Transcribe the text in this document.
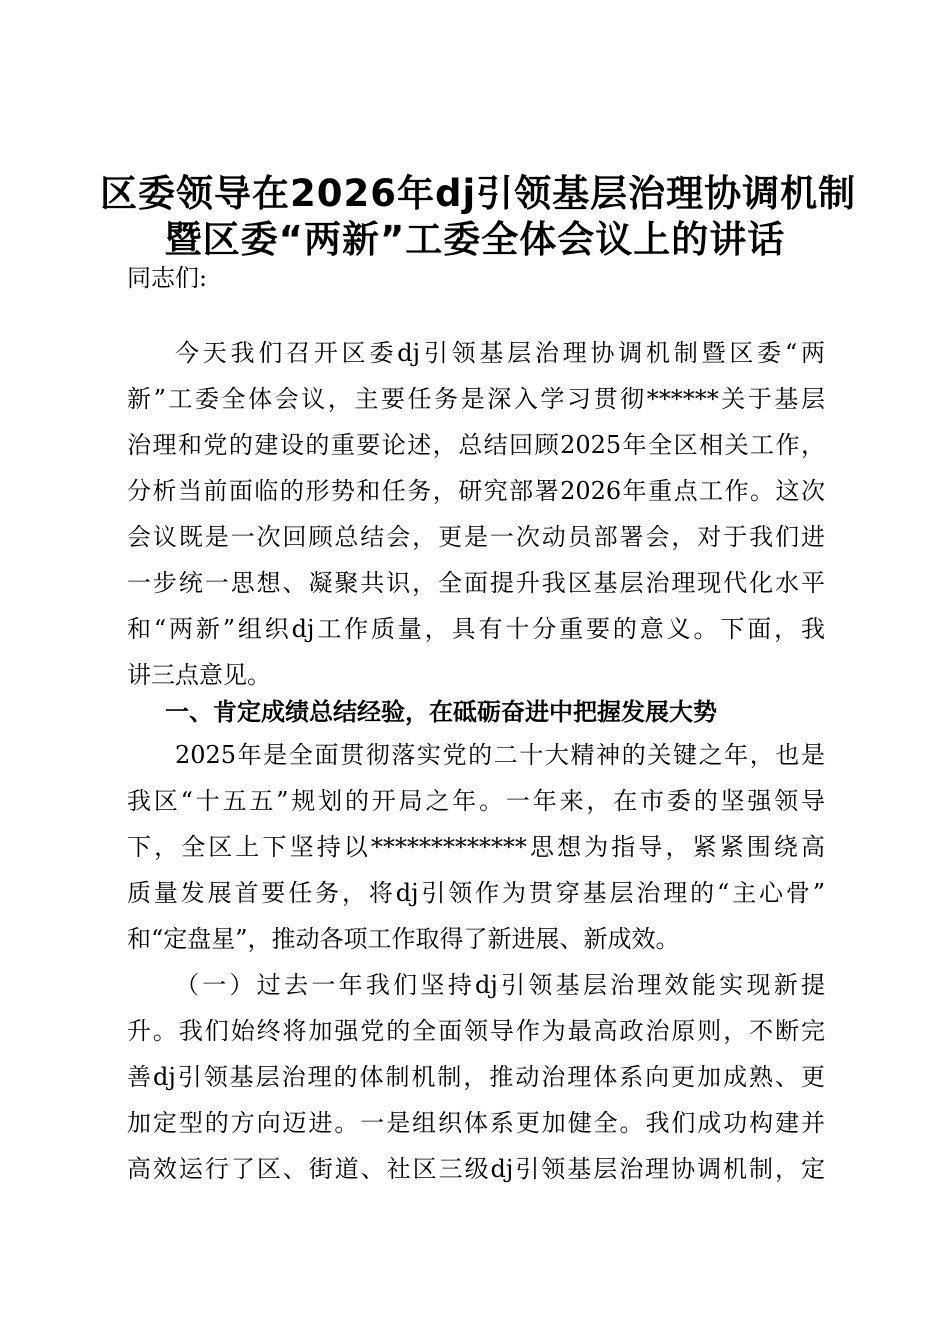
区委领导在2026年dj引领基层治理协调机制
暨区委“两新”工委全体会议上的讲话
同志们:
今天我们召开区委dj引领基层治理协调机制暨区委“两
新”工委全体会议，主要任务是深入学习贯彻******关于基层
治理和党的建设的重要论述，总结回顾2025年全区相关工作，
分析当前面临的形势和任务，研究部署2026年重点工作。这次
会议既是一次回顾总结会，更是一次动员部署会，对于我们进
一步统一思想、凝聚共识，全面提升我区基层治理现代化水平
和“两新”组织dj工作质量，具有十分重要的意义。下面，我
讲三点意见。
一、肯定成绩总结经验，在砥砺奋进中把握发展大势
2025年是全面贯彻落实党的二十大精神的关键之年，也是
我区“十五五”规划的开局之年。一年来，在市委的坚强领导
下，全区上下坚持以*************思想为指导，紧紧围绕高
质量发展首要任务，将dj引领作为贯穿基层治理的“主心骨”
和“定盘星”，推动各项工作取得了新进展、新成效。
（一）过去一年我们坚持dj引领基层治理效能实现新提
升。我们始终将加强党的全面领导作为最高政治原则，不断完
善dj引领基层治理的体制机制，推动治理体系向更加成熟、更
加定型的方向迈进。一是组织体系更加健全。我们成功构建并
高效运行了区、街道、社区三级dj引领基层治理协调机制，定
